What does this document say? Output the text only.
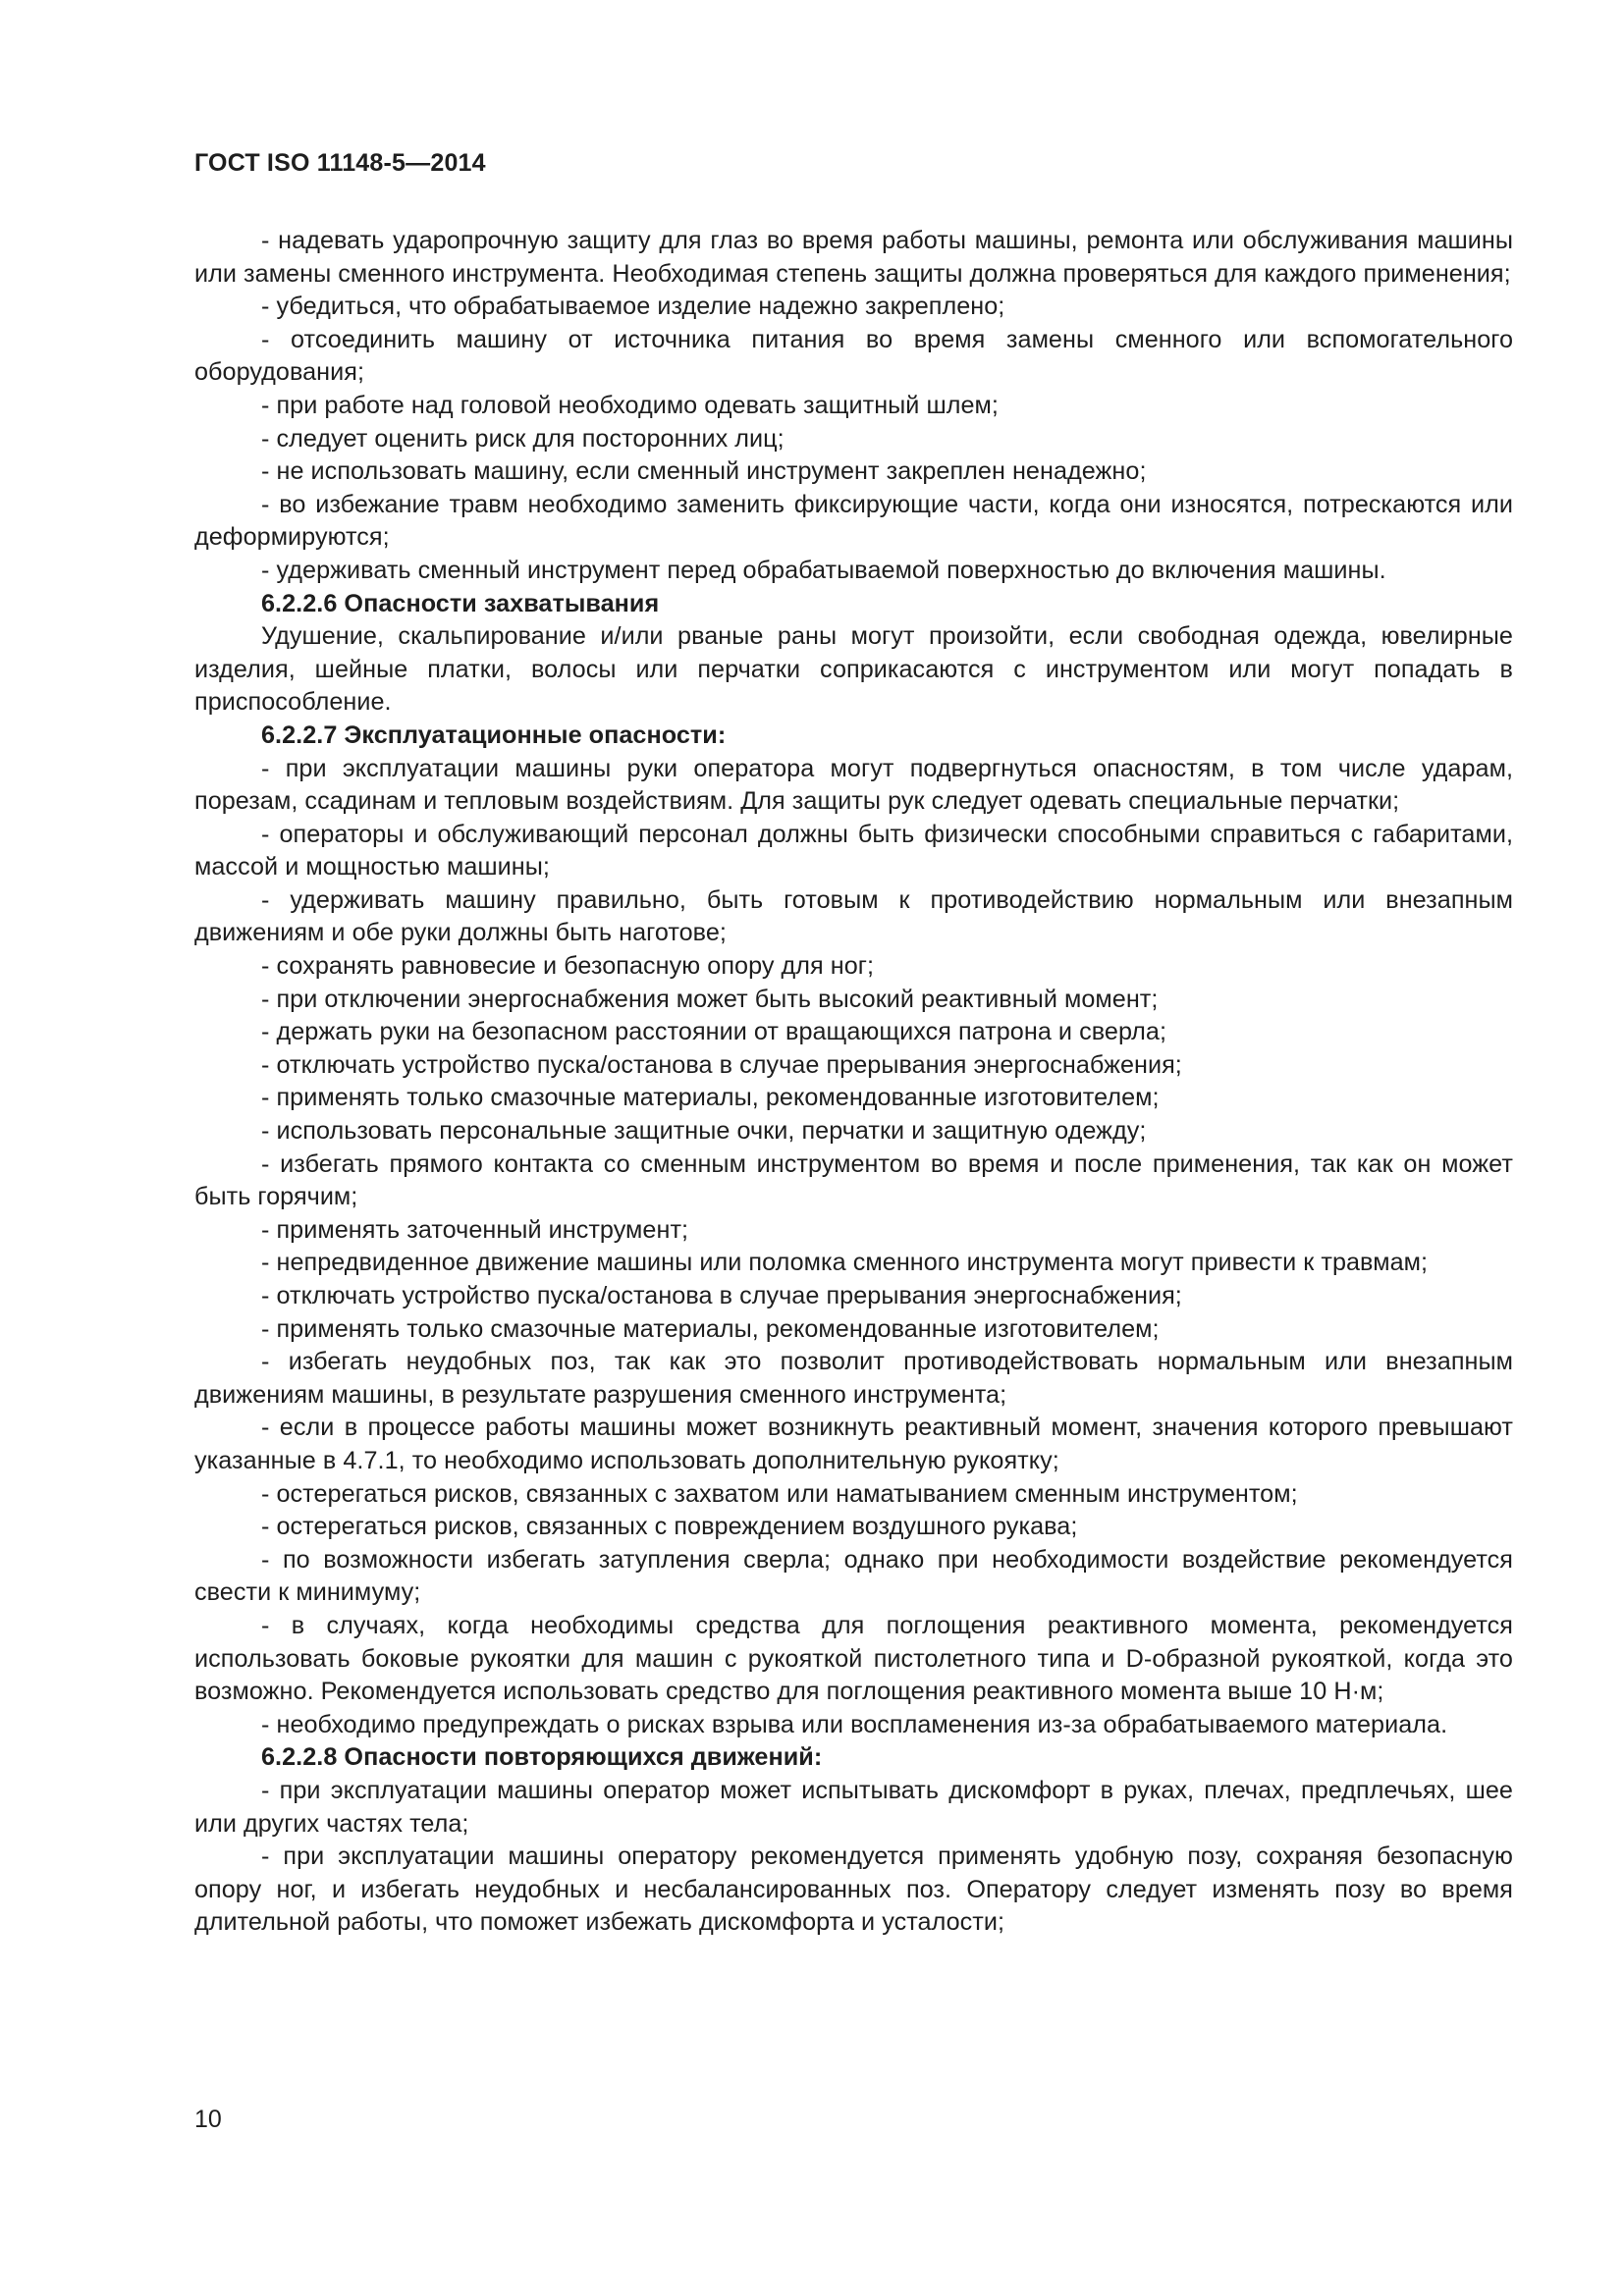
ГОСТ ISO 11148-5—2014

- надевать ударопрочную защиту для глаз во время работы машины, ремонта или обслуживания машины или замены сменного инструмента. Необходимая степень защиты должна проверяться для каждого применения;

- убедиться, что обрабатываемое изделие надежно закреплено;

- отсоединить машину от источника питания во время замены сменного или вспомогательного оборудования;

- при работе над головой необходимо одевать защитный шлем;

- следует оценить риск для посторонних лиц;

- не использовать машину, если сменный инструмент закреплен ненадежно;

- во избежание травм необходимо заменить фиксирующие части, когда они износятся, потрескаются или деформируются;

- удерживать сменный инструмент перед обрабатываемой поверхностью до включения машины.

6.2.2.6 Опасности захватывания

Удушение, скальпирование и/или рваные раны могут произойти, если свободная одежда, ювелирные изделия, шейные платки, волосы или перчатки соприкасаются с инструментом или могут попадать в приспособление.

6.2.2.7 Эксплуатационные опасности:

- при эксплуатации машины руки оператора могут подвергнуться опасностям, в том числе ударам, порезам, ссадинам и тепловым воздействиям. Для защиты рук следует одевать специальные перчатки;

- операторы и обслуживающий персонал должны быть физически способными справиться с габаритами, массой и мощностью машины;

- удерживать машину правильно, быть готовым к противодействию нормальным или внезапным движениям и обе руки должны быть наготове;

- сохранять равновесие и безопасную опору для ног;

- при отключении энергоснабжения может быть высокий реактивный момент;

- держать руки на безопасном расстоянии от вращающихся патрона и сверла;

- отключать устройство пуска/останова в случае прерывания энергоснабжения;

- применять только смазочные материалы, рекомендованные изготовителем;

- использовать персональные защитные очки, перчатки и защитную одежду;

- избегать прямого контакта со сменным инструментом во время и после применения, так как он может быть горячим;

- применять заточенный инструмент;

- непредвиденное движение машины или поломка сменного инструмента могут привести к травмам;

- отключать устройство пуска/останова в случае прерывания энергоснабжения;

- применять только смазочные материалы, рекомендованные изготовителем;

- избегать неудобных поз, так как это позволит противодействовать нормальным или внезапным движениям машины, в результате разрушения сменного инструмента;

- если в процессе работы машины может возникнуть реактивный момент, значения которого превышают указанные в 4.7.1, то необходимо использовать дополнительную рукоятку;

- остерегаться рисков, связанных с захватом или наматыванием сменным инструментом;

- остерегаться рисков, связанных с повреждением воздушного рукава;

- по возможности избегать затупления сверла; однако при необходимости воздействие рекомендуется свести к минимуму;

- в случаях, когда необходимы средства для поглощения реактивного момента, рекомендуется использовать боковые рукоятки для машин с рукояткой пистолетного типа и D-образной рукояткой, когда это возможно. Рекомендуется использовать средство для поглощения реактивного момента выше 10 Н·м;

- необходимо предупреждать о рисках взрыва или воспламенения из-за обрабатываемого материала.

6.2.2.8 Опасности повторяющихся движений:

- при эксплуатации машины оператор может испытывать дискомфорт в руках, плечах, предплечьях, шее или других частях тела;

- при эксплуатации машины оператору рекомендуется применять удобную позу, сохраняя безопасную опору ног, и избегать неудобных и несбалансированных поз. Оператору следует изменять позу во время длительной работы, что поможет избежать дискомфорта и усталости;

10
